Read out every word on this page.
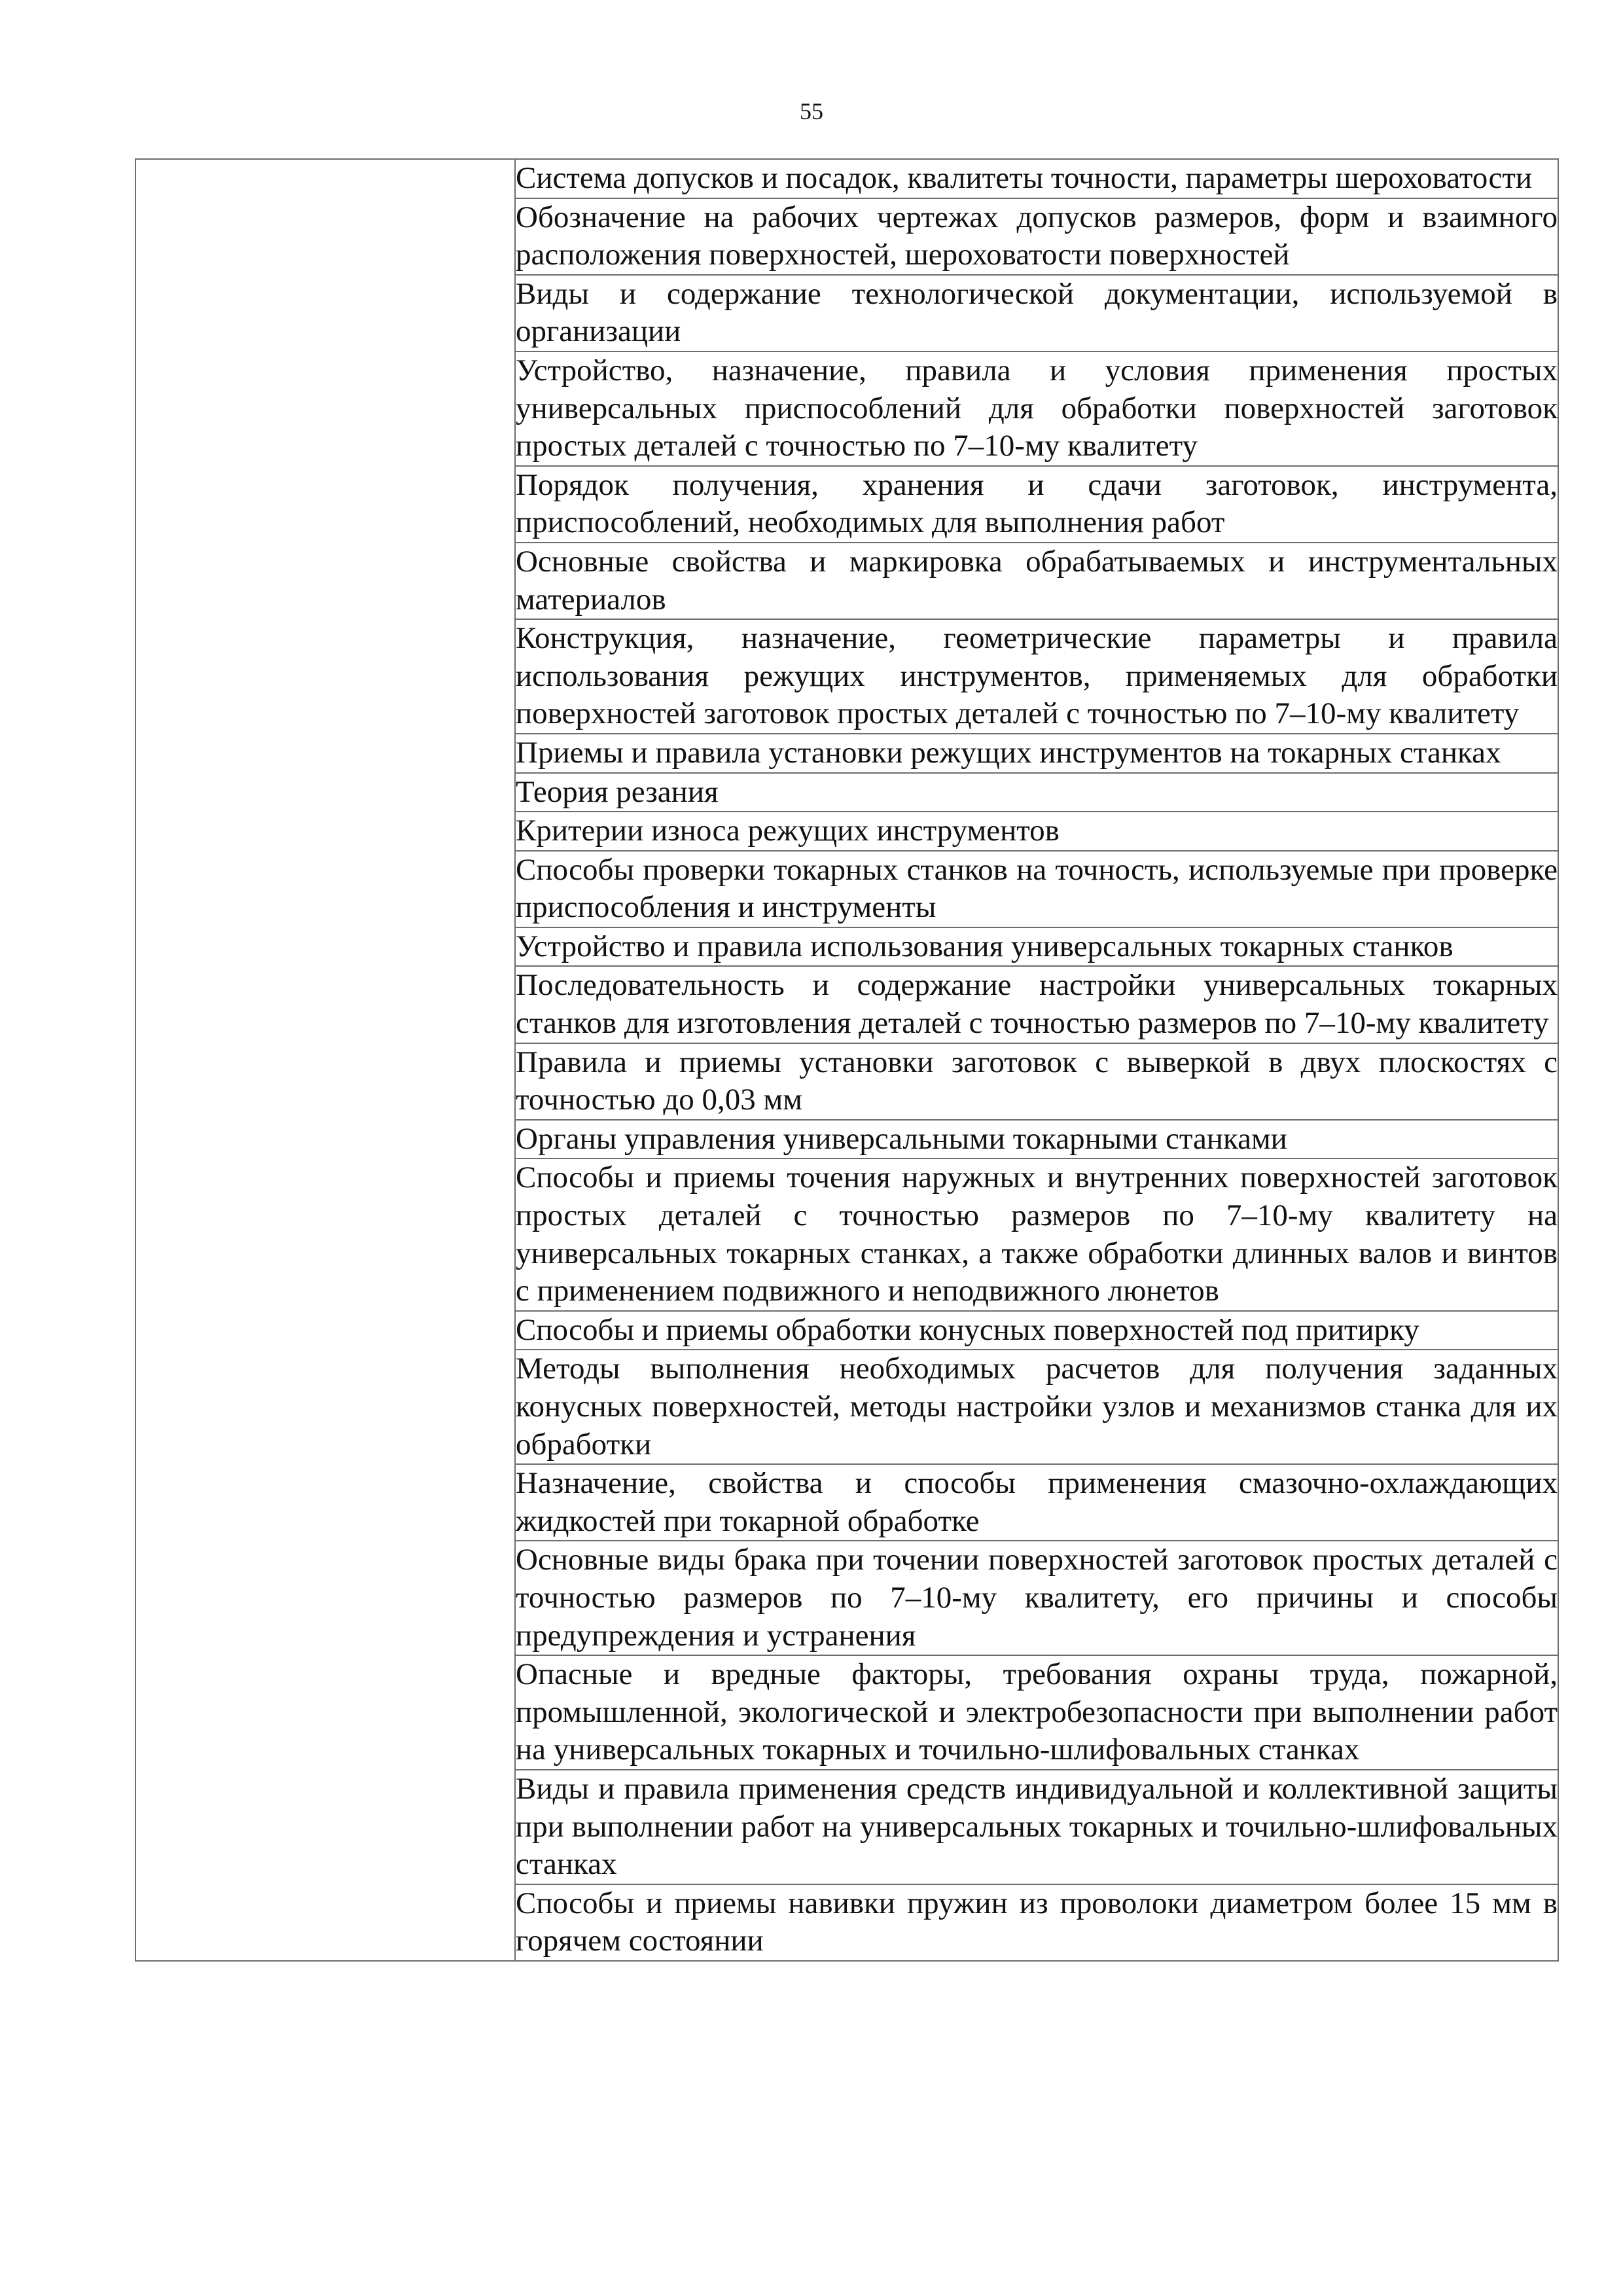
55
	Система допусков и посадок, квалитеты точности, параметры шероховатости
Обозначение на рабочих чертежах допусков размеров, форм и взаимного расположения поверхностей, шероховатости поверхностей
Виды и содержание технологической документации, используемой в организации
Устройство, назначение, правила и условия применения простых универсальных приспособлений для обработки поверхностей заготовок простых деталей с точностью по 7–10-му квалитету
Порядок получения, хранения и сдачи заготовок, инструмента, приспособлений, необходимых для выполнения работ
Основные свойства и маркировка обрабатываемых и инструментальных материалов
Конструкция, назначение, геометрические параметры и правила использования режущих инструментов, применяемых для обработки поверхностей заготовок простых деталей с точностью по 7–10-му квалитету
Приемы и правила установки режущих инструментов на токарных станках
Теория резания
Критерии износа режущих инструментов
Способы проверки токарных станков на точность, используемые при проверке приспособления и инструменты
Устройство и правила использования универсальных токарных станков
Последовательность и содержание настройки универсальных токарных станков для изготовления деталей с точностью размеров по 7–10-му квалитету
Правила и приемы установки заготовок с выверкой в двух плоскостях с точностью до 0,03 мм
Органы управления универсальными токарными станками
Способы и приемы точения наружных и внутренних поверхностей заготовок простых деталей с точностью размеров по 7–10-му квалитету на универсальных токарных станках, а также обработки длинных валов и винтов с применением подвижного и неподвижного люнетов
Способы и приемы обработки конусных поверхностей под притирку
Методы выполнения необходимых расчетов для получения заданных конусных поверхностей, методы настройки узлов и механизмов станка для их обработки
Назначение, свойства и способы применения смазочно-охлаждающих жидкостей при токарной обработке
Основные виды брака при точении поверхностей заготовок простых деталей с точностью размеров по 7–10-му квалитету, его причины и способы предупреждения и устранения
Опасные и вредные факторы, требования охраны труда, пожарной, промышленной, экологической и электробезопасности при выполнении работ на универсальных токарных и точильно-шлифовальных станках
Виды и правила применения средств индивидуальной и коллективной защиты при выполнении работ на универсальных токарных и точильно-шлифовальных станках
Способы и приемы навивки пружин из проволоки диаметром более 15 мм в горячем состоянии
